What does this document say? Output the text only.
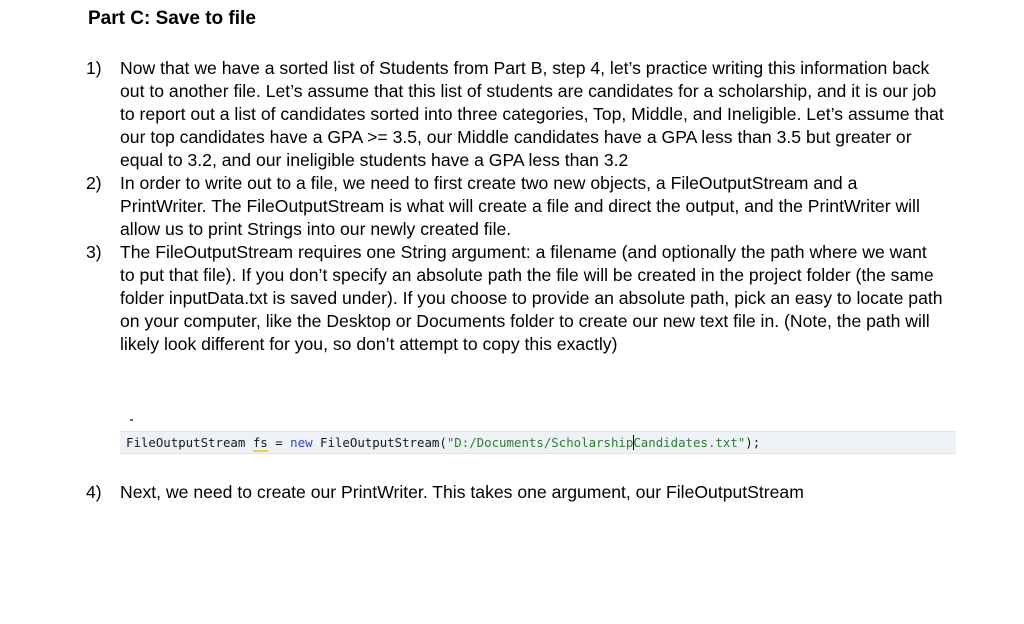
Part C: Save to file
1) Now that we have a sorted list of Students from Part B, step 4, let’s practice writing this information back out to another file. Let’s assume that this list of students are candidates for a scholarship, and it is our job to report out a list of candidates sorted into three categories, Top, Middle, and Ineligible. Let’s assume that our top candidates have a GPA >= 3.5, our Middle candidates have a GPA less than 3.5 but greater or equal to 3.2, and our ineligible students have a GPA less than 3.2
2) In order to write out to a file, we need to first create two new objects, a FileOutputStream and a PrintWriter. The FileOutputStream is what will create a file and direct the output, and the PrintWriter will allow us to print Strings into our newly created file.
3) The FileOutputStream requires one String argument: a filename (and optionally the path where we want to put that file). If you don’t specify an absolute path the file will be created in the project folder (the same folder inputData.txt is saved under). If you choose to provide an absolute path, pick an easy to locate path on your computer, like the Desktop or Documents folder to create our new text file in. (Note, the path will likely look different for you, so don’t attempt to copy this exactly)
FileOutputStream fs = new FileOutputStream("D:/Documents/ScholarshipCandidates.txt");
4) Next, we need to create our PrintWriter. This takes one argument, our FileOutputStream
